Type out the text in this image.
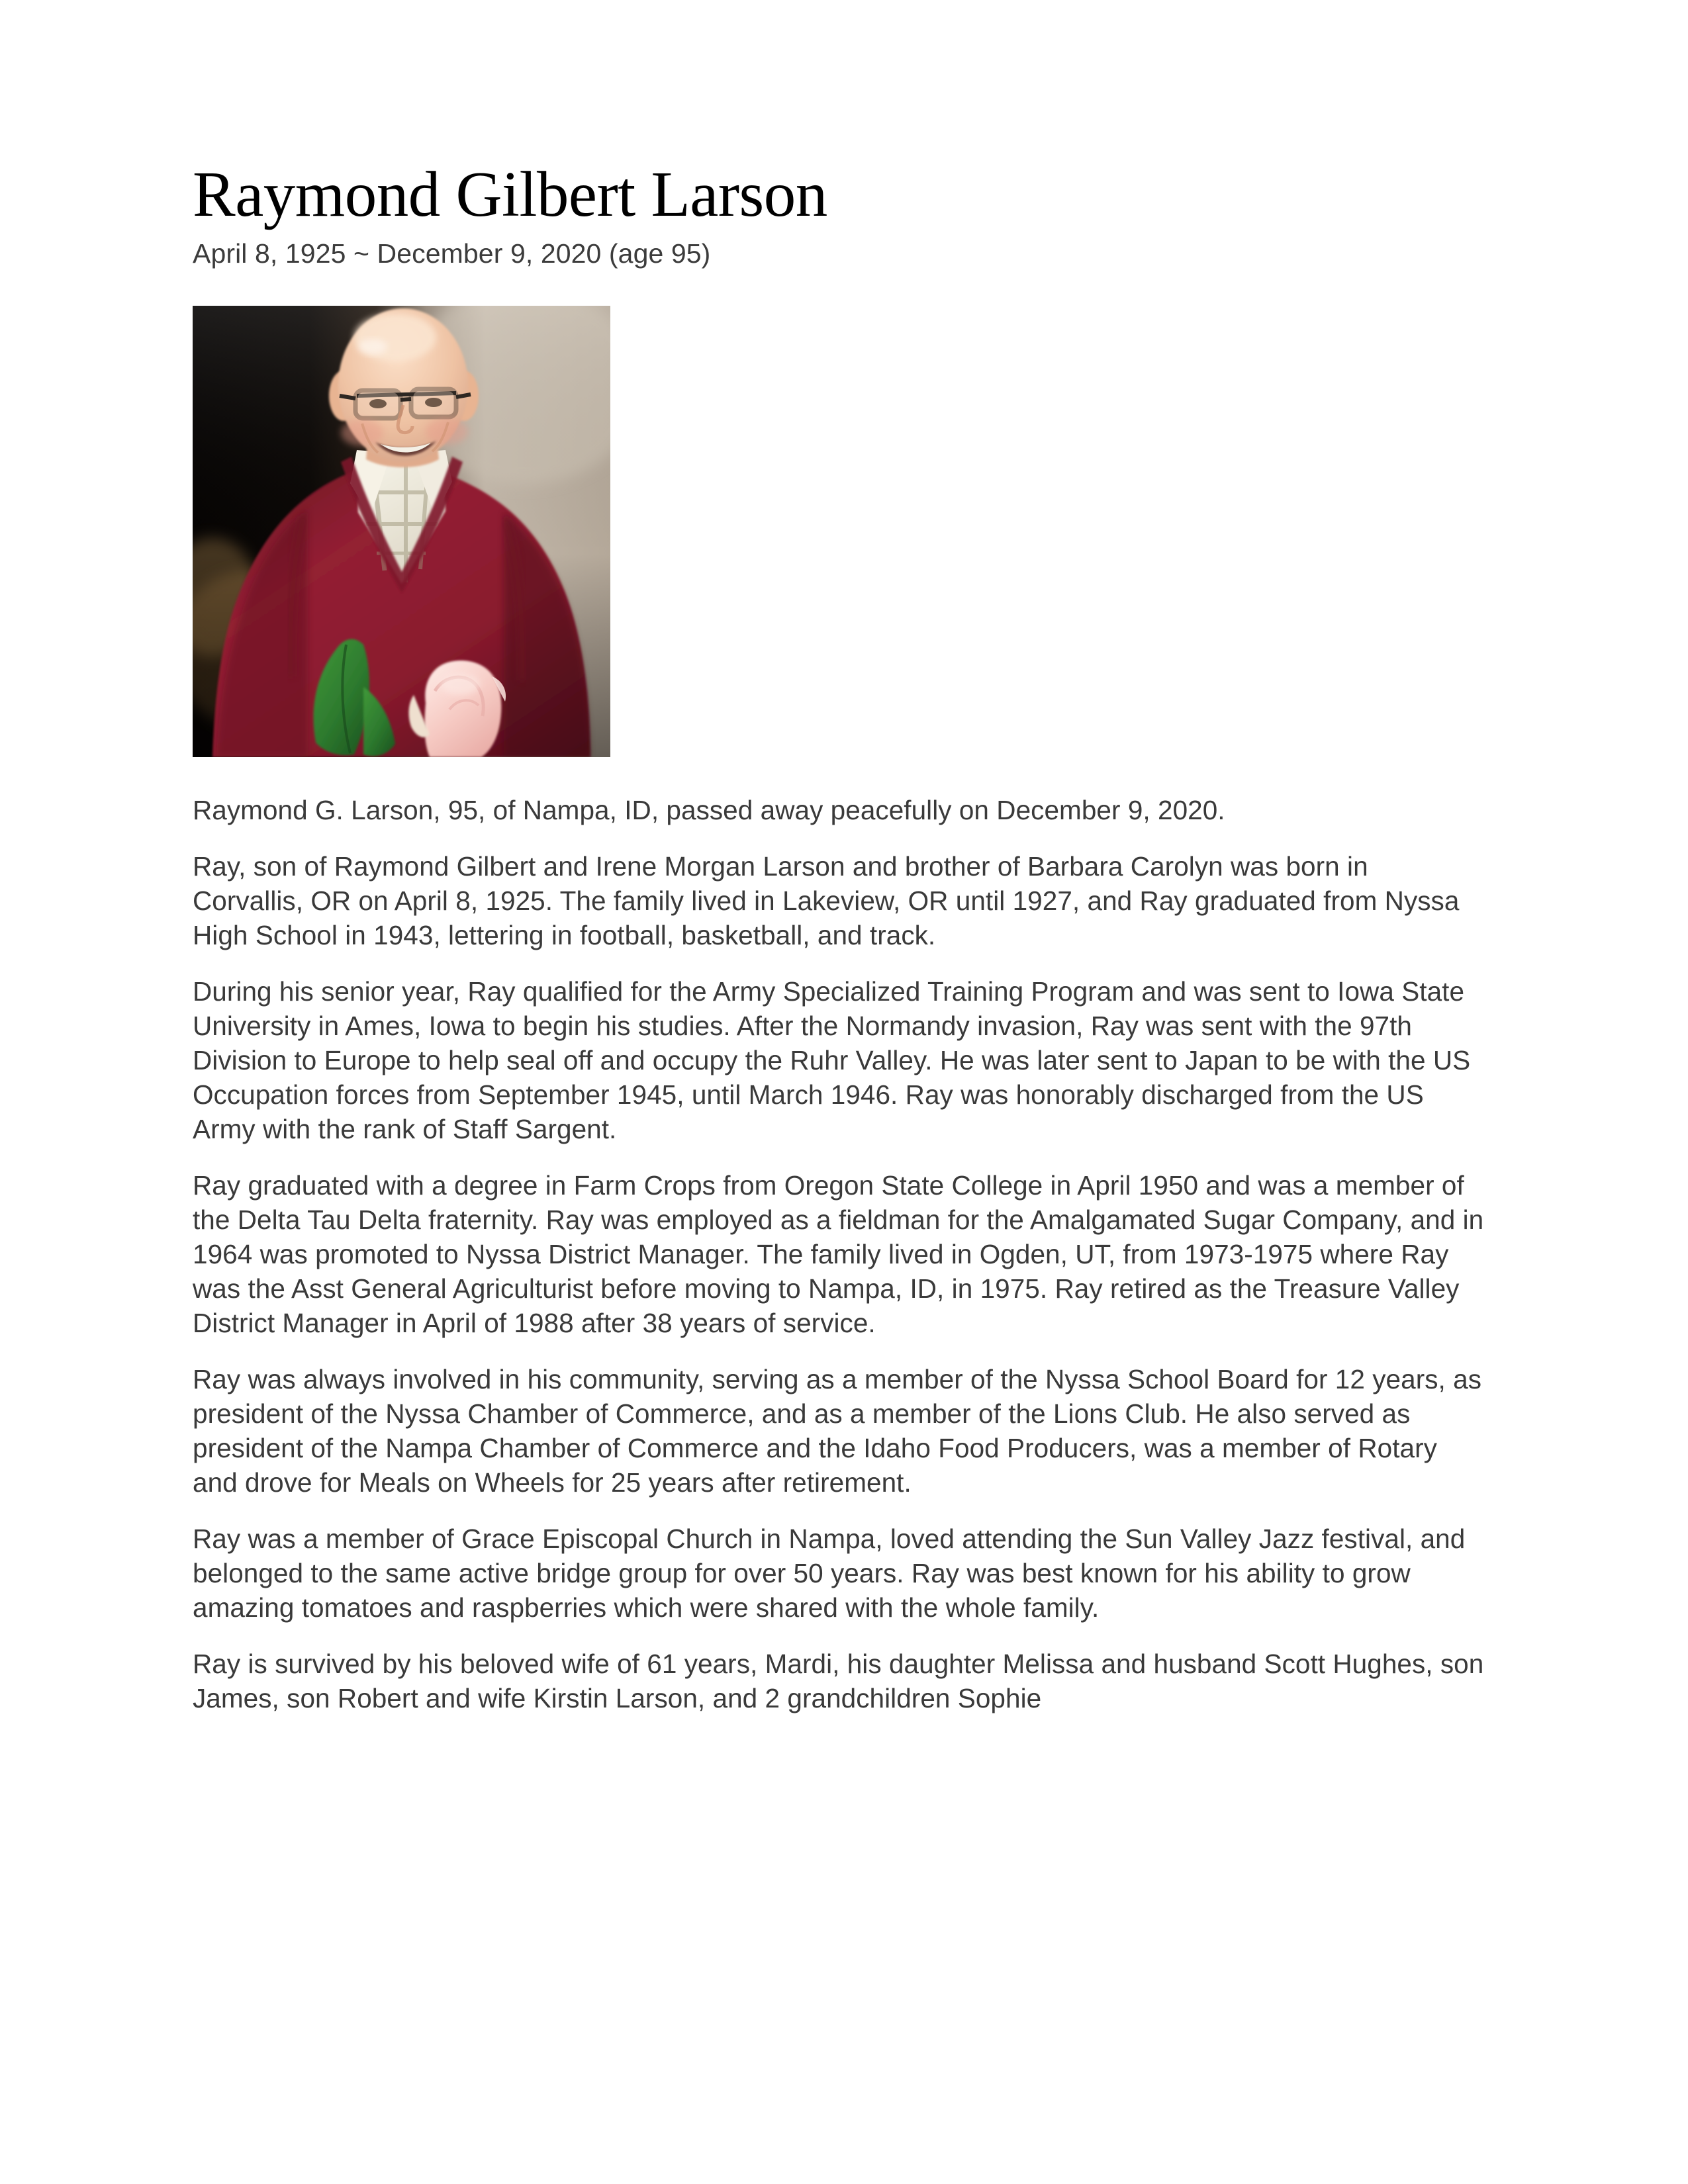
Raymond Gilbert Larson

April 8, 1925 ~ December 9, 2020 (age 95)

Raymond G. Larson, 95, of Nampa, ID, passed away peacefully on December 9, 2020.

Ray, son of Raymond Gilbert and Irene Morgan Larson and brother of Barbara Carolyn was born in Corvallis, OR on April 8, 1925. The family lived in Lakeview, OR until 1927, and Ray graduated from Nyssa High School in 1943, lettering in football, basketball, and track.

During his senior year, Ray qualified for the Army Specialized Training Program and was sent to Iowa State University in Ames, Iowa to begin his studies. After the Normandy invasion, Ray was sent with the 97th Division to Europe to help seal off and occupy the Ruhr Valley. He was later sent to Japan to be with the US Occupation forces from September 1945, until March 1946. Ray was honorably discharged from the US Army with the rank of Staff Sargent.

Ray graduated with a degree in Farm Crops from Oregon State College in April 1950 and was a member of the Delta Tau Delta fraternity. Ray was employed as a fieldman for the Amalgamated Sugar Company, and in 1964 was promoted to Nyssa District Manager. The family lived in Ogden, UT, from 1973-1975 where Ray was the Asst General Agriculturist before moving to Nampa, ID, in 1975. Ray retired as the Treasure Valley District Manager in April of 1988 after 38 years of service.

Ray was always involved in his community, serving as a member of the Nyssa School Board for 12 years, as president of the Nyssa Chamber of Commerce, and as a member of the Lions Club. He also served as president of the Nampa Chamber of Commerce and the Idaho Food Producers, was a member of Rotary and drove for Meals on Wheels for 25 years after retirement.

Ray was a member of Grace Episcopal Church in Nampa, loved attending the Sun Valley Jazz festival, and belonged to the same active bridge group for over 50 years. Ray was best known for his ability to grow amazing tomatoes and raspberries which were shared with the whole family.

Ray is survived by his beloved wife of 61 years, Mardi, his daughter Melissa and husband Scott Hughes, son James, son Robert and wife Kirstin Larson, and 2 grandchildren Sophie
